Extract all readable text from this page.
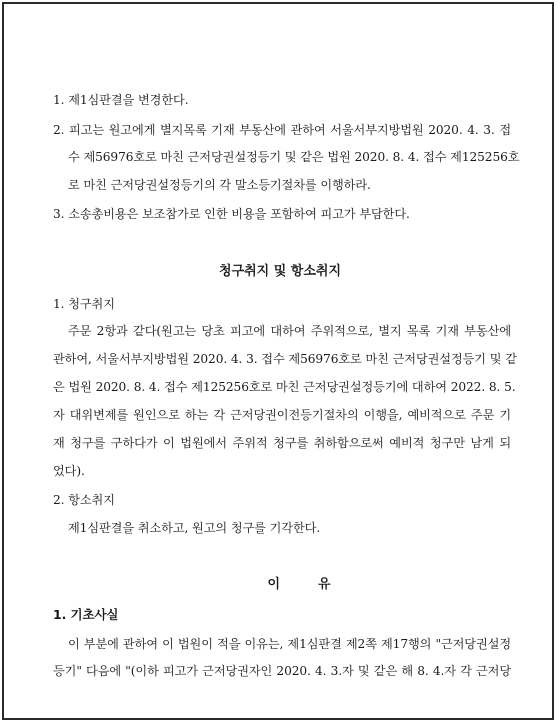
1. 제1심판결을 변경한다.
2. 피고는 원고에게 별지목록 기재 부동산에 관하여 서울서부지방법원 2020. 4. 3. 접
수 제56976호로 마친 근저당권설정등기 및 같은 법원 2020. 8. 4. 접수 제125256호
로 마친 근저당권설정등기의 각 말소등기절차를 이행하라.
3. 소송총비용은 보조참가로 인한 비용을 포함하여 피고가 부담한다.
청구취지 및 항소취지
1. 청구취지
주문 2항과 같다(원고는 당초 피고에 대하여 주위적으로, 별지 목록 기재 부동산에
관하여, 서울서부지방법원 2020. 4. 3. 접수 제56976호로 마친 근저당권설정등기 및 같
은 법원 2020. 8. 4. 접수 제125256호로 마친 근저당권설정등기에 대하여 2022. 8. 5.
자 대위변제를 원인으로 하는 각 근저당권이전등기절차의 이행을, 예비적으로 주문 기
재 청구를 구하다가 이 법원에서 주위적 청구를 취하함으로써 예비적 청구만 남게 되
었다).
2. 항소취지
제1심판결을 취소하고, 원고의 청구를 기각한다.
이유
1. 기초사실
이 부분에 관하여 이 법원이 적을 이유는, 제1심판결 제2쪽 제17행의 "근저당권설정
등기" 다음에 "(이하 피고가 근저당권자인 2020. 4. 3.자 및 같은 해 8. 4.자 각 근저당
